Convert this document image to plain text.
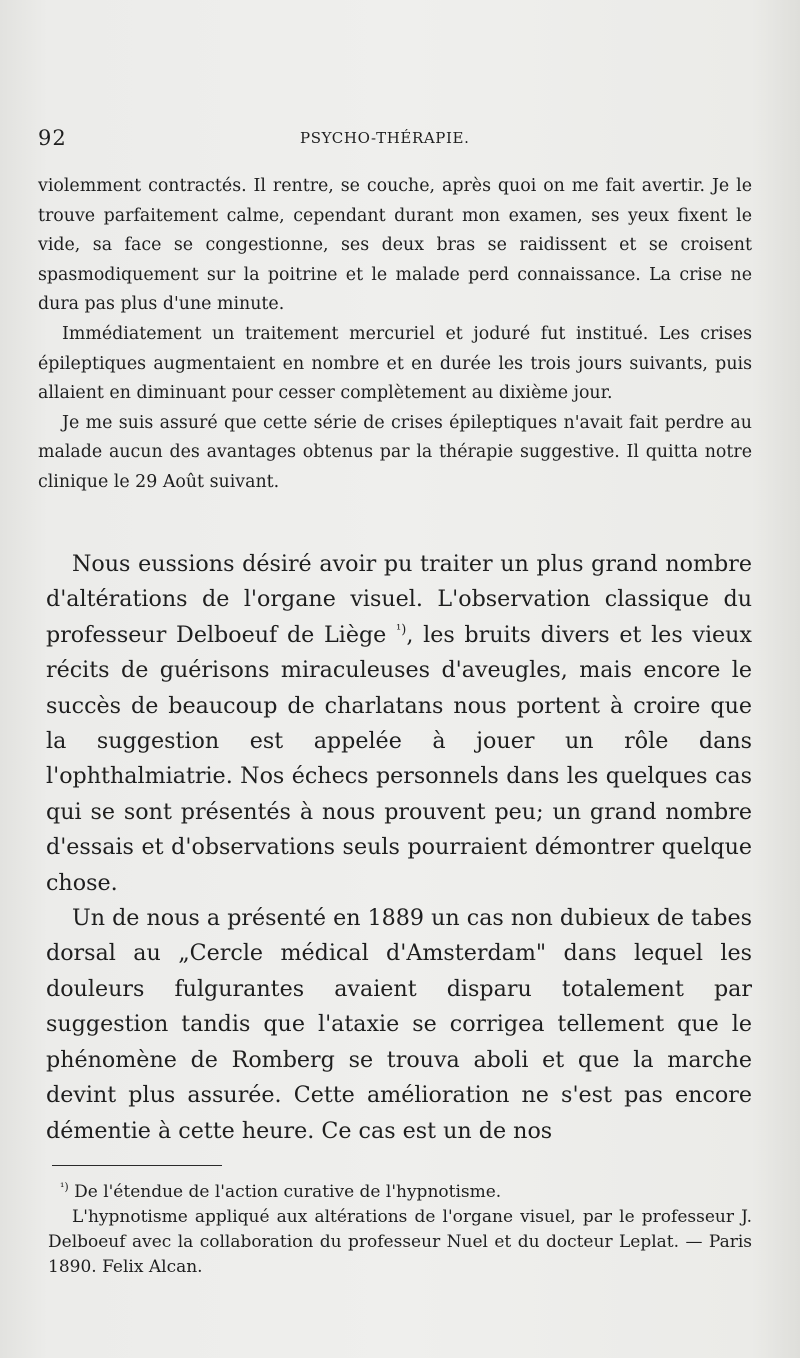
92	PSYCHO-THÉRAPIE.

violemment contractés. Il rentre, se couche, après quoi on me fait avertir. Je le trouve parfaitement calme, cependant durant mon examen, ses yeux fixent le vide, sa face se congestionne, ses deux bras se raidissent et se croisent spasmodiquement sur la poitrine et le malade perd connaissance. La crise ne dura pas plus d'une minute.

Immédiatement un traitement mercuriel et joduré fut institué. Les crises épileptiques augmentaient en nombre et en durée les trois jours suivants, puis allaient en diminuant pour cesser complètement au dixième jour.

Je me suis assuré que cette série de crises épileptiques n'avait fait perdre au malade aucun des avantages obtenus par la thérapie suggestive. Il quitta notre clinique le 29 Août suivant.

Nous eussions désiré avoir pu traiter un plus grand nombre d'altérations de l'organe visuel. L'observation classique du professeur Delboeuf de Liège $^{^1)}$, les bruits divers et les vieux récits de guérisons miraculeuses d'aveugles, mais encore le succès de beaucoup de charlatans nous portent à croire que la suggestion est appelée à jouer un rôle dans l'ophthalmiatrie. Nos échecs personnels dans les quelques cas qui se sont présentés à nous prouvent peu; un grand nombre d'essais et d'observations seuls pourraient démontrer quelque chose.

Un de nous a présenté en 1889 un cas non dubieux de tabes dorsal au „Cercle médical d'Amsterdam" dans lequel les douleurs fulgurantes avaient disparu totalement par suggestion tandis que l'ataxie se corrigea tellement que le phénomène de Romberg se trouva aboli et que la marche devint plus assurée. Cette amélioration ne s'est pas encore démentie à cette heure. Ce cas est un de nos

$^{^1)}$ De l'étendue de l'action curative de l'hypnotisme.

L'hypnotisme appliqué aux altérations de l'organe visuel, par le professeur J. Delboeuf avec la collaboration du professeur Nuel et du docteur Leplat. — Paris 1890. Felix Alcan.
